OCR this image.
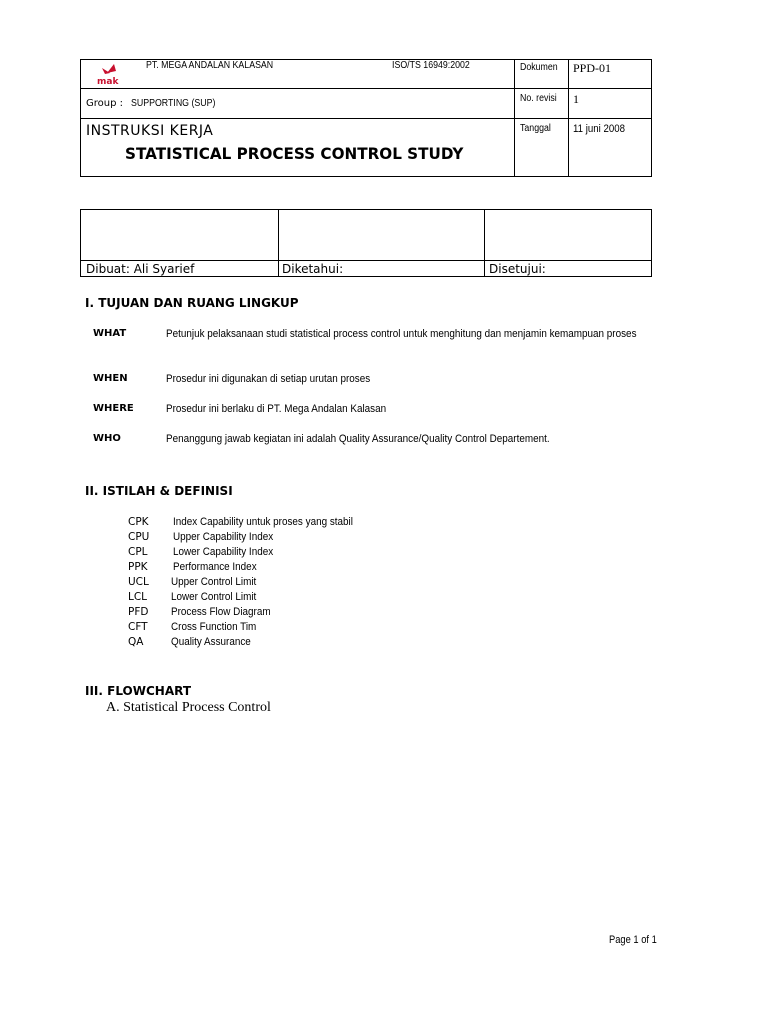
mak
PT. MEGA ANDALAN KALASAN	ISO/TS 16949:2002
Group : SUPPORTING (SUP)
INSTRUKSI KERJA
STATISTICAL PROCESS CONTROL STUDY
Dokumen PPD-01
No. revisi 1
Tanggal 11 juni 2008
Dibuat: Ali Syarief	Diketahui:	Disetujui:
I. TUJUAN DAN RUANG LINGKUP
WHAT	Petunjuk pelaksanaan studi statistical process control untuk menghitung dan menjamin kemampuan proses
WHEN	Prosedur ini digunakan di setiap urutan proses
WHERE	Prosedur ini berlaku di PT. Mega Andalan Kalasan
WHO	Penanggung jawab kegiatan ini adalah Quality Assurance/Quality Control Departement.
II. ISTILAH & DEFINISI
CPK Index Capability untuk proses yang stabil
CPU Upper Capability Index
CPL Lower Capability Index
PPK Performance Index
UCL Upper Control Limit
LCL Lower Control Limit
PFD Process Flow Diagram
CFT Cross Function Tim
QA	Quality Assurance
III. FLOWCHART
A. Statistical Process Control
Page 1 of 1
